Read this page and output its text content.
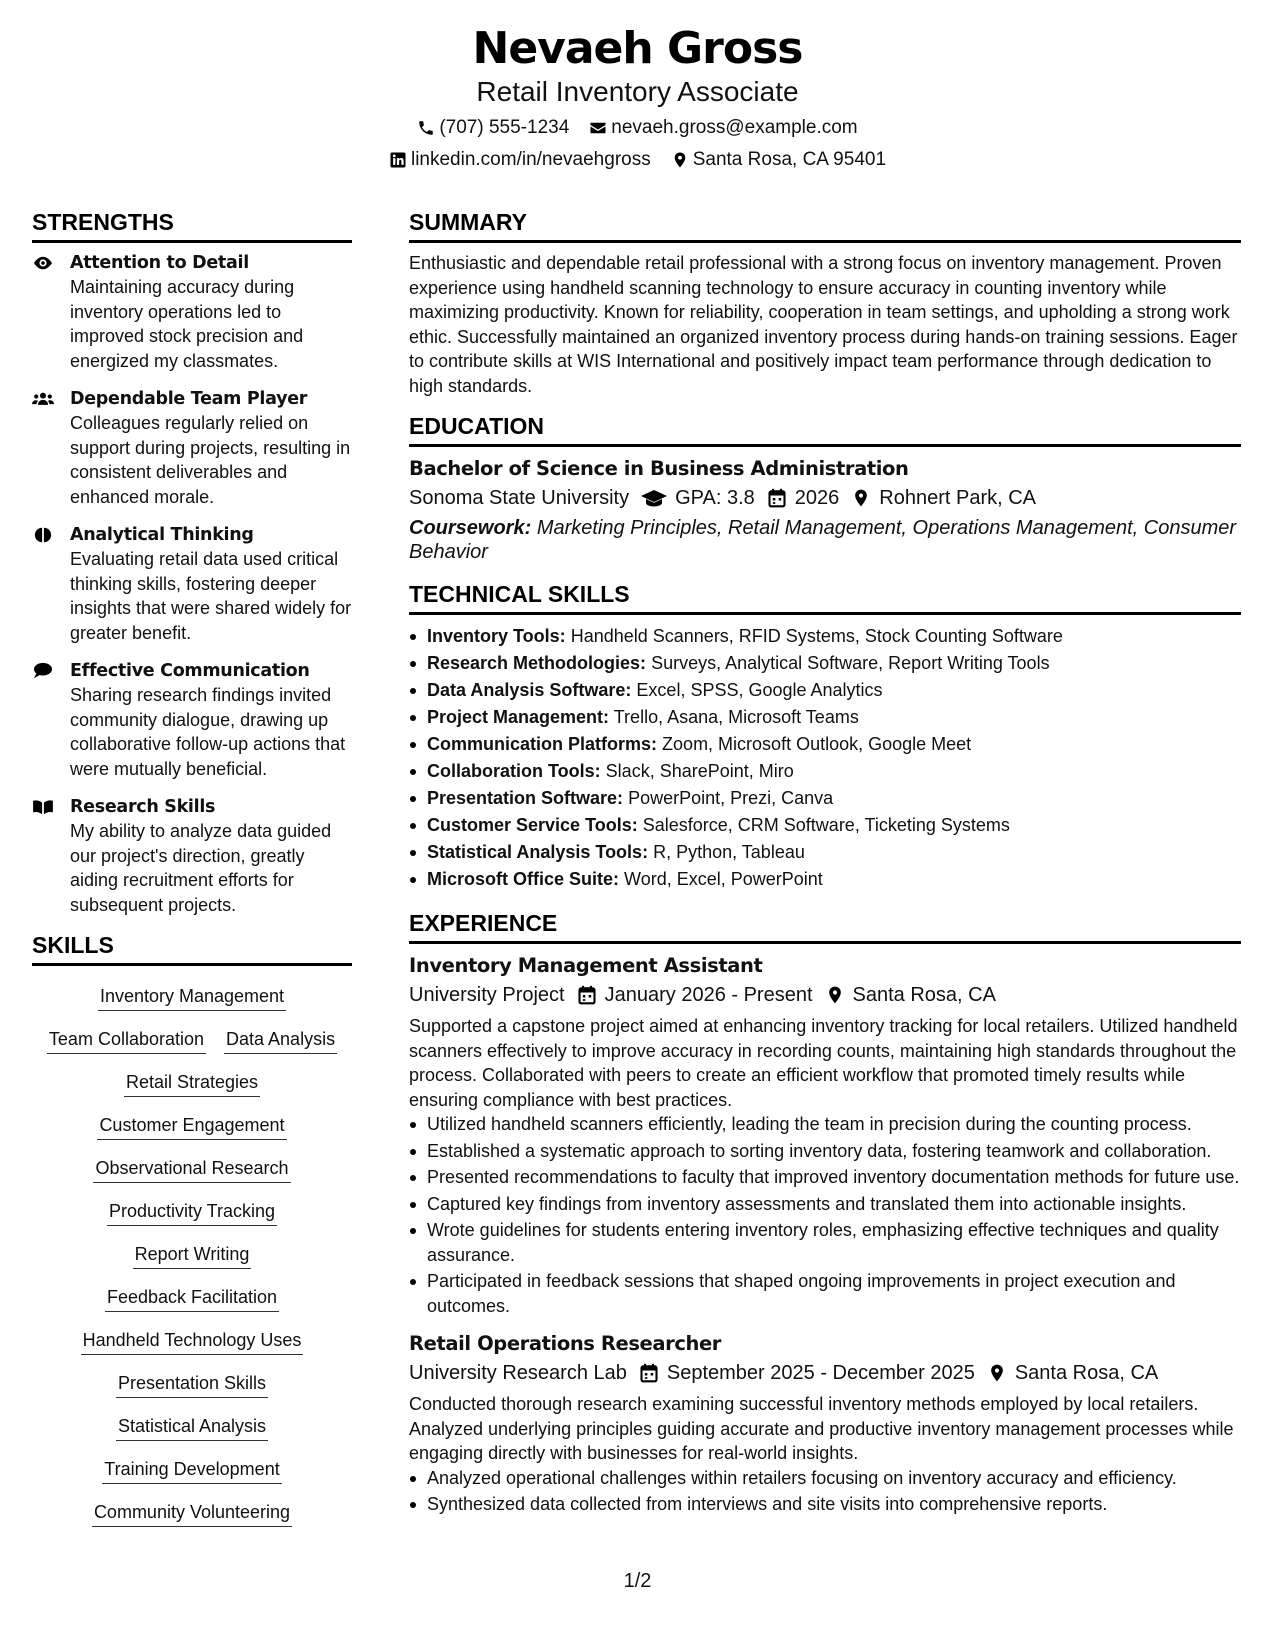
Nevaeh Gross
Retail Inventory Associate
(707) 555-1234 nevaeh.gross@example.com
linkedin.com/in/nevaehgross Santa Rosa, CA 95401
STRENGTHS
Attention to Detail
Maintaining accuracy during inventory operations led to improved stock precision and energized my classmates.
Dependable Team Player
Colleagues regularly relied on support during projects, resulting in consistent deliverables and enhanced morale.
Analytical Thinking
Evaluating retail data used critical thinking skills, fostering deeper insights that were shared widely for greater benefit.
Effective Communication
Sharing research findings invited community dialogue, drawing up collaborative follow-up actions that were mutually beneficial.
Research Skills
My ability to analyze data guided our project's direction, greatly aiding recruitment efforts for subsequent projects.
SKILLS
Inventory Management
Team Collaboration Data Analysis
Retail Strategies
Customer Engagement
Observational Research
Productivity Tracking
Report Writing
Feedback Facilitation
Handheld Technology Uses
Presentation Skills
Statistical Analysis
Training Development
Community Volunteering
SUMMARY
Enthusiastic and dependable retail professional with a strong focus on inventory management. Proven experience using handheld scanning technology to ensure accuracy in counting inventory while maximizing productivity. Known for reliability, cooperation in team settings, and upholding a strong work ethic. Successfully maintained an organized inventory process during hands-on training sessions. Eager to contribute skills at WIS International and positively impact team performance through dedication to high standards.
EDUCATION
Bachelor of Science in Business Administration
Sonoma State University GPA: 3.8 2026 Rohnert Park, CA
Coursework: Marketing Principles, Retail Management, Operations Management, Consumer Behavior
TECHNICAL SKILLS
Inventory Tools: Handheld Scanners, RFID Systems, Stock Counting Software
Research Methodologies: Surveys, Analytical Software, Report Writing Tools
Data Analysis Software: Excel, SPSS, Google Analytics
Project Management: Trello, Asana, Microsoft Teams
Communication Platforms: Zoom, Microsoft Outlook, Google Meet
Collaboration Tools: Slack, SharePoint, Miro
Presentation Software: PowerPoint, Prezi, Canva
Customer Service Tools: Salesforce, CRM Software, Ticketing Systems
Statistical Analysis Tools: R, Python, Tableau
Microsoft Office Suite: Word, Excel, PowerPoint
EXPERIENCE
Inventory Management Assistant
University Project January 2026 - Present Santa Rosa, CA
Supported a capstone project aimed at enhancing inventory tracking for local retailers. Utilized handheld scanners effectively to improve accuracy in recording counts, maintaining high standards throughout the process. Collaborated with peers to create an efficient workflow that promoted timely results while ensuring compliance with best practices.
Utilized handheld scanners efficiently, leading the team in precision during the counting process.
Established a systematic approach to sorting inventory data, fostering teamwork and collaboration.
Presented recommendations to faculty that improved inventory documentation methods for future use.
Captured key findings from inventory assessments and translated them into actionable insights.
Wrote guidelines for students entering inventory roles, emphasizing effective techniques and quality assurance.
Participated in feedback sessions that shaped ongoing improvements in project execution and outcomes.
Retail Operations Researcher
University Research Lab September 2025 - December 2025 Santa Rosa, CA
Conducted thorough research examining successful inventory methods employed by local retailers. Analyzed underlying principles guiding accurate and productive inventory management processes while engaging directly with businesses for real-world insights.
Analyzed operational challenges within retailers focusing on inventory accuracy and efficiency.
Synthesized data collected from interviews and site visits into comprehensive reports.
1/2
